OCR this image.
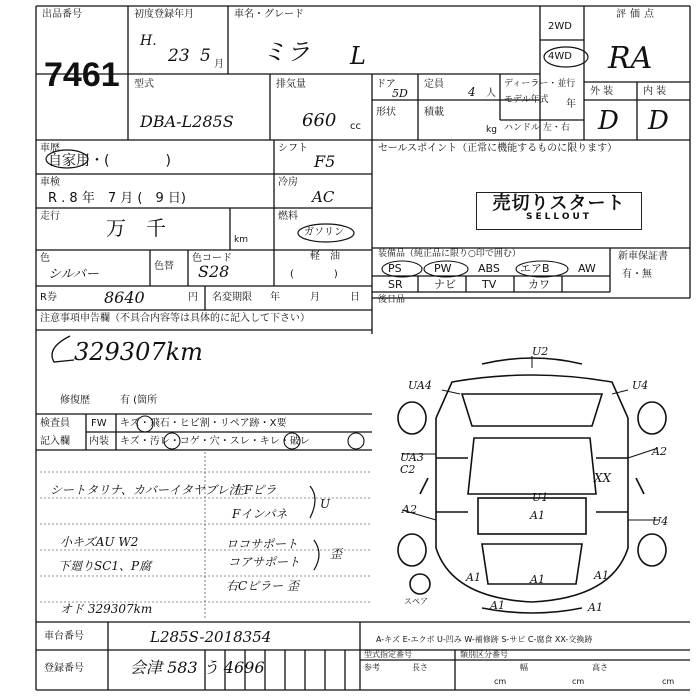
出品番号
7461
初度登録年月
H.
23 5 月
車名・グレード
ミラ L
2WD
4WD
評価点
RA
型式
DBA-L285S
排気量
660 cc
ドア
5D
定員
4 人
ディーラー・並行
モデル年式	年
形状	積載
kg ハンドル 左・右
外 装	内 装
D D
車歴
自家用・(　　　　)
車検
R . 8 年　7 月 (　9 日)
走行 万　千	km
色
シルバー
色替
色コード
S28
シフト
F5
冷房
AC
燃料
ガソリン
軽　油
(　　　　)
セールスポイント（正常に機能するものに限ります）
売切りスタート
SELLOUT
装備品（純正品に限り○印で囲む）	新車保証書
有・無
PS	PW ABS エアB	AW
SR	ナビ TV	カワ
後日品
R券	8640	円 名変期限 年	月	日
注意事項申告欄（不具合内容等は具体的に記入して下さい）
329307km
修復歴	有 (箇所
検査員
記入欄
FW キズ・飛石・ヒビ割・リペア跡・X要
内装 キズ・汚レ・コゲ・穴・スレ・キレ・破レ
シートタリナ、カバーイタヤブレ汁
小キズAU W2
下廻りSC1、P腐
オド 329307km
左Fピラ
Fインパネ
U
ロコサポート
コアサポート
歪
右Cピラー 歪
U2
UA4	U4
A2
UA3
C2
XX
U1
A1
A2
U4
A1	A1	A1
A1	A1
スペア
A-キズ E-エクボ U-凹み W-補修跡 S-サビ C-腐食 XX-交換跡
車台番号	L285S-2018354
登録番号	会津 583 う 4696
型式指定番号	類別区分番号
参考	長さ	幅	高さ
cm	cm	cm
